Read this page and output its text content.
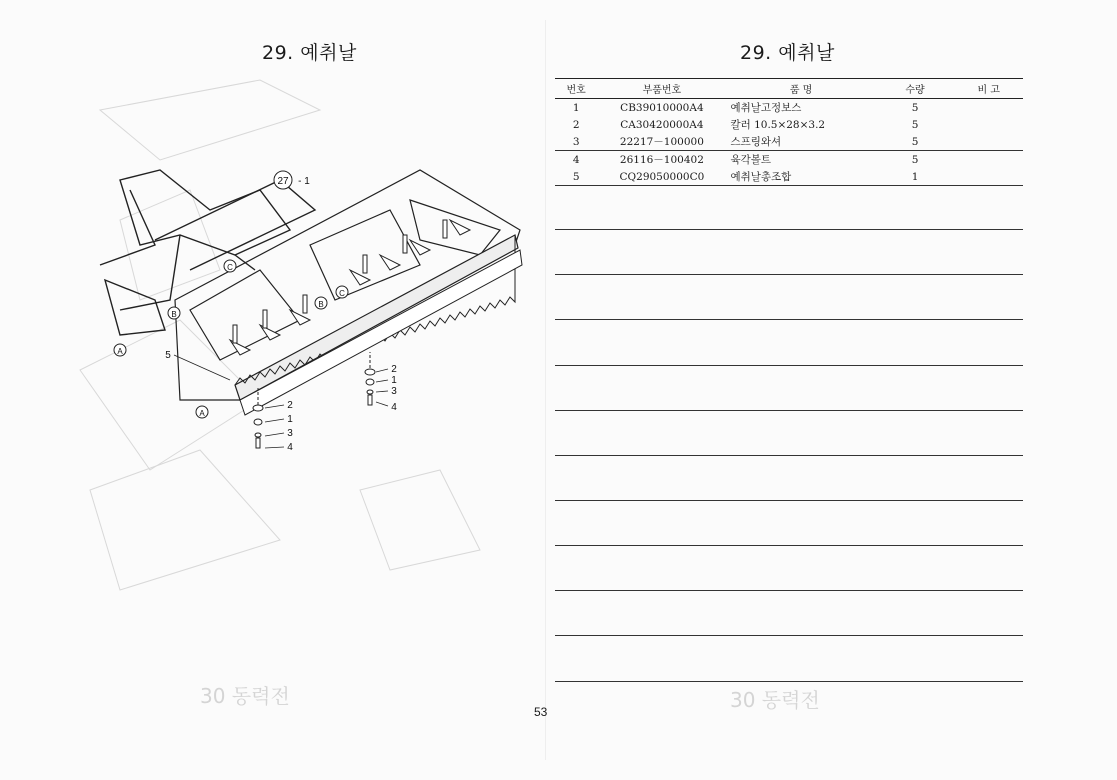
29. 예취날	29. 예취날
27 - 1
A
A
B
B
C
C
5
2
1
3
4
2
1
3
4
번호	부품번호	품 명	수량	비 고
1	CB39010000A4	예취날고정보스	5	
2	CA30420000A4	칼러 10.5×28×3.2	5	
3	22217－100000	스프링와셔	5	
4	26116－100402	육각볼트	5	
5	CQ29050000C0	예취날총조합	1	
30 동력전	30 동력전
53
